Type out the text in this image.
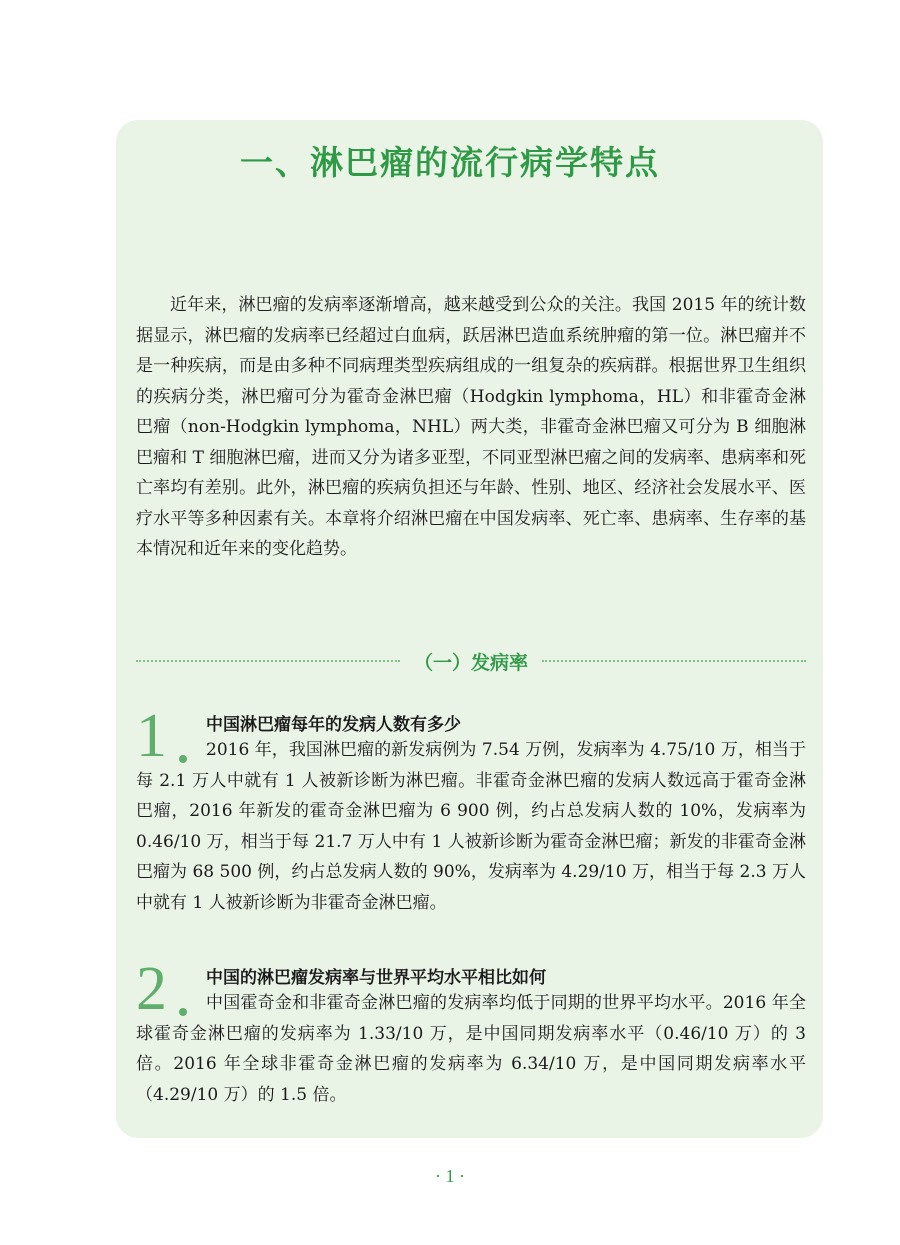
一、淋巴瘤的流行病学特点

近年来，淋巴瘤的发病率逐渐增高，越来越受到公众的关注。我国 2015 年的统计数据显示，淋巴瘤的发病率已经超过白血病，跃居淋巴造血系统肿瘤的第一位。淋巴瘤并不是一种疾病，而是由多种不同病理类型疾病组成的一组复杂的疾病群。根据世界卫生组织的疾病分类，淋巴瘤可分为霍奇金淋巴瘤（Hodgkin lymphoma，HL）和非霍奇金淋巴瘤（non-Hodgkin lymphoma，NHL）两大类，非霍奇金淋巴瘤又可分为 B 细胞淋巴瘤和 T 细胞淋巴瘤，进而又分为诸多亚型，不同亚型淋巴瘤之间的发病率、患病率和死亡率均有差别。此外，淋巴瘤的疾病负担还与年龄、性别、地区、经济社会发展水平、医疗水平等多种因素有关。本章将介绍淋巴瘤在中国发病率、死亡率、患病率、生存率的基本情况和近年来的变化趋势。

（一）发病率
1 中国淋巴瘤每年的发病人数有多少

2016 年，我国淋巴瘤的新发病例为 7.54 万例，发病率为 4.75/10 万，相当于每 2.1 万人中就有 1 人被新诊断为淋巴瘤。非霍奇金淋巴瘤的发病人数远高于霍奇金淋巴瘤，2016 年新发的霍奇金淋巴瘤为 6 900 例，约占总发病人数的 10%，发病率为 0.46/10 万，相当于每 21.7 万人中有 1 人被新诊断为霍奇金淋巴瘤；新发的非霍奇金淋巴瘤为 68 500 例，约占总发病人数的 90%，发病率为 4.29/10 万，相当于每 2.3 万人中就有 1 人被新诊断为非霍奇金淋巴瘤。

2 中国的淋巴瘤发病率与世界平均水平相比如何

中国霍奇金和非霍奇金淋巴瘤的发病率均低于同期的世界平均水平。2016 年全球霍奇金淋巴瘤的发病率为 1.33/10 万，是中国同期发病率水平（0.46/10 万）的 3 倍。2016 年全球非霍奇金淋巴瘤的发病率为 6.34/10 万，是中国同期发病率水平（4.29/10 万）的 1.5 倍。

· 1 ·
